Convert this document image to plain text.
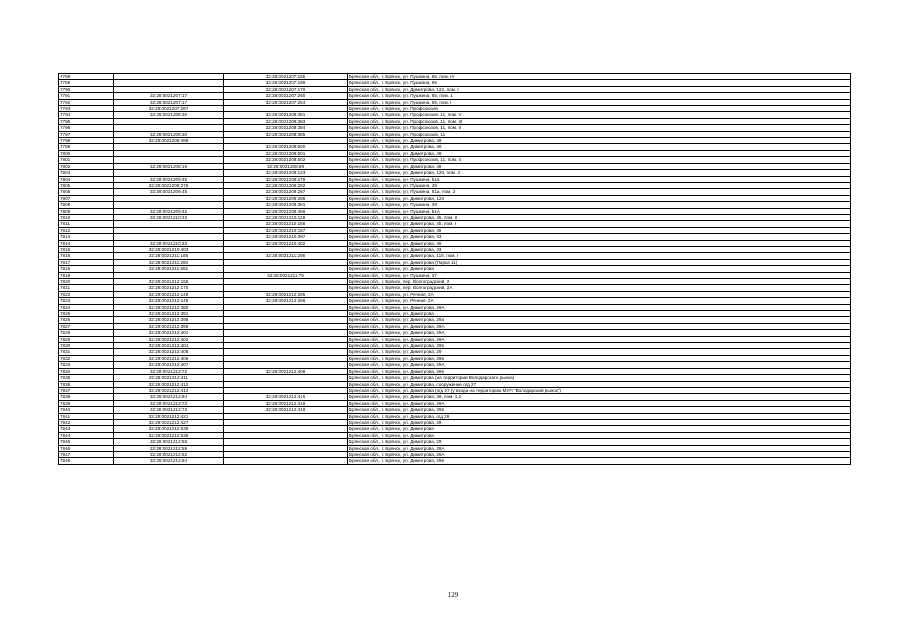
7788		32:28:0021207:155	Брянская обл., г. Брянск, ул. Пушкина, 65, пом. IV
7789		32:28:0021207:169	Брянская обл., г. Брянск, ул. Пушкина, 65
7790		32:28:0021207:170	Брянская обл., г. Брянск, ул. Димитрова, 122, пом. I
7791	32:28:0021207:17	32:28:0021207:260	Брянская обл., г. Брянск, ул. Пушкина, 65, пом. 1
7792	32:28:0021207:17	32:28:0021207:264	Брянская обл., г. Брянск, ул. Пушкина, 65, пом. I
7793	32:28:0021207:287		Брянская обл., г. Брянск, ул. Профсоюзов
7794	32:28:0021208:30	32:28:0021208:381	Брянская обл., г. Брянск, ул. Профсоюзов, 11, пом. V
7795		32:28:0021208:383	Брянская обл., г. Брянск, ул. Профсоюзов, 11, пом. III
7796		32:28:0021208:384	Брянская обл., г. Брянск, ул. Профсоюзов, 11, пом. II
7797	32:28:0021208:30	32:28:0021208:385	Брянская обл., г. Брянск, ул. Профсоюзов, 11
7798	32:28:0021208:498		Брянская обл., г. Брянск, ул. Димитрова, 49
7799		32:28:0021208:500	Брянская обл., г. Брянск, ул. Димитрова, 49
7800		32:28:0021208:501	Брянская обл., г. Брянск, ул. Димитрова, 49
7801		32:28:0021208:502	Брянская обл., г. Брянск, ул. Профсоюзов, 11, пом. 4
7802	32:28:0021208:19	32:28:0021208:58	Брянская обл., г. Брянск, ул. Димитрова, 49
7803		32:28:0021209:123	Брянская обл., г. Брянск, ул. Димитрова, 120, пом. 3
7804	32:28:0021209:45	32:28:0021209:278	Брянская обл., г. Брянск, ул. Пушкина, 51а
7805	32:28:0021209:279	32:28:0021209:282	Брянская обл., г. Брянск, ул. Пушкина, 49
7806	32:28:0021209:45	32:28:0021209:287	Брянская обл., г. Брянск, ул. Пушкина, 51а, пом. 2
7807		32:28:0021209:288	Брянская обл., г. Брянск, ул. Димитрова, 120
7808		32:28:0021209:381	Брянская обл., г. Брянск, ул. Пушкина, 49
7809	32:28:0021209:42	32:28:0021209:486	Брянская обл., г. Брянск, ул. Пушкина, 51А
7810	32:28:0021210:33	32:28:0021210:128	Брянская обл., г. Брянск, ул. Димитрова, 45, пом. II
7811		32:28:0021210:186	Брянская обл., г. Брянск, ул. Димитрова, 45, пом. I
7812		32:28:0021210:187	Брянская обл., г. Брянск, ул. Димитрова, 45
7813		32:28:0021210:397	Брянская обл., г. Брянск, ул. Димитрова, 43
7814	32:28:0021210:33	32:28:0021210:402	Брянская обл., г. Брянск, ул. Димитрова, 45
7815	32:28:0021210:403		Брянская обл., г. Брянск, ул. Димитрова, 43
7816	32:28:0021211:165	32:28:0021211:206	Брянская обл., г. Брянск, ул. Димитрова, 118, пом. I
7817	32:28:0021211:260		Брянская обл., г. Брянск, ул. Димитрова (Парка 11)
7818	32:28:0021211:652		Брянская обл., г. Брянск, ул. Димитрова
7819		32:28:0021211:79	Брянская обл., г. Брянск, ул. Пушкина, 37
7820	32:28:0021212:166		Брянская обл., г. Брянск, пер. Волгоградский, 2
7821	32:28:0021212:170		Брянская обл., г. Брянск, пер. Волгоградский, 2А
7822	32:28:0021212:148	32:28:0021212:285	Брянская обл., г. Брянск, ул. Речная, 2А
7823	32:28:0021212:148	32:28:0021212:286	Брянская обл., г. Брянск, ул. Речная, 2А
7824	32:28:0021212:380		Брянская обл., г. Брянск, ул. Димитрова, 29А
7825	32:28:0021212:391		Брянская обл., г. Брянск, ул. Димитрова
7826	32:28:0021212:395		Брянская обл., г. Брянск, ул. Димитрова, 29а
7827	32:28:0021212:398		Брянская обл., г. Брянск, ул. Димитрова, 29А
7828	32:28:0021212:401		Брянская обл., г. Брянск, ул. Димитрова, 29А
7829	32:28:0021212:402		Брянская обл., г. Брянск, ул. Димитрова, 29А
7830	32:28:0021212:404		Брянская обл., г. Брянск, ул. Димитрова, 29в
7831	32:28:0021212:405		Брянская обл., г. Брянск, ул. Димитрова, 29
7832	32:28:0021212:406		Брянская обл., г. Брянск, ул. Димитрова, 29в
7833	32:28:0021212:407		Брянская обл., г. Брянск, ул. Димитрова, 29А
7834	32:28:0021212:72	32:28:0021212:408	Брянская обл., г. Брянск, ул. Димитрова, 29в
7835	32:28:0021212:411		Брянская обл., г. Брянск, ул. Димитрова (на территории Володарского рынка)
7836	32:28:0021212:412		Брянская обл., г. Брянск, ул. Димитрова, сооружение о/д 27
7837	32:28:0021212:414		Брянская обл., г. Брянск, ул. Димитрова (о/д 27 (у входа на территорию МУП "Володарский рынок")
7838	32:28:0021212:84	32:28:0021212:415	Брянская обл., г. Брянск, ул. Димитрова, 39, пом. 1,2
7839	32:28:0021212:73	32:28:0021212:418	Брянская обл., г. Брянск, ул. Димитрова, 29А
7840	32:28:0021212:73	32:28:0021212:419	Брянская обл., г. Брянск, ул. Димитрова, 29в
7841	32:28:0021212:421		Брянская обл., г. Брянск, ул. Димитрова, о/д 29
7842	32:28:0021212:427		Брянская обл., г. Брянск, ул. Димитрова, 29
7843	32:28:0021212:538		Брянская обл., г. Брянск, ул. Димитрова
7844	32:28:0021212:539		Брянская обл., г. Брянск, ул. Димитрова
7845	32:28:0021212:58		Брянская обл., г. Брянск, ул. Димитрова, 29
7846	32:28:0021212:59		Брянская обл., г. Брянск, ул. Димитрова, 29А
7847	32:28:0021212:62		Брянская обл., г. Брянск, ул. Димитрова, 29А
7848	32:28:0021212:64		Брянская обл., г. Брянск, ул. Димитрова, 29в
129
